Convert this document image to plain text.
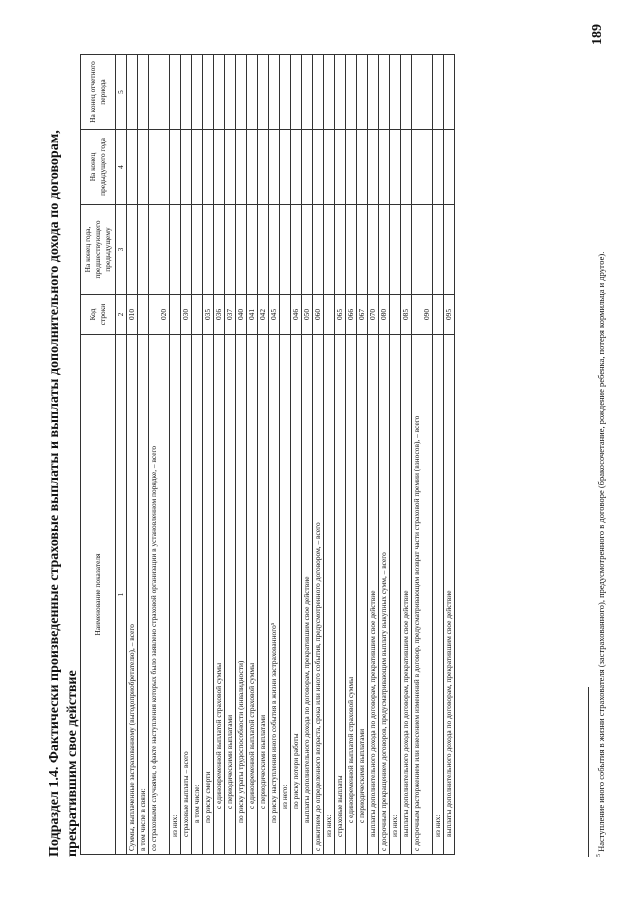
Подраздел 1.4. Фактически произведенные страховые выплаты и выплаты дополнительного дохода по договорам, прекратившим свое действие
Наименование показателя	Код строки	На конец года, предшествующего предыдущему	На конец предыдущего года	На конец отчетного периода
1	2	3	4	5
Суммы, выплаченные застрахованному (выгодоприобретателю), – всего	010			
в том числе в связи:				
со страховыми случаями, о факте наступления которых было заявлено страховой организации в установленном порядке, – всего	020			
из них:				
страховые выплаты – всего	030			
в том числе:				
по риску смерти	035			
с единовременной выплатой страховой суммы	036			
с периодическими выплатами	037			
по риску утраты трудоспособности (инвалидности)	040			
с единовременной выплатой страховой суммы	041			
с периодическими выплатами	042			
по риску наступления иного события в жизни застрахованного⁵	045			
из него:				
по риску потери работы	046			
выплаты дополнительного дохода по договорам, прекратившим свое действие	050			
с дожитием до определенного возраста, срока или иного события, предусмотренного договором, – всего	060			
из них:				
страховые выплаты	065			
с единовременной выплатой страховой суммы	066			
с периодическими выплатами	067			
выплаты дополнительного дохода по договорам, прекратившим свое действие	070			
с досрочным прекращением договоров, предусматривающим выплату выкупных сумм, – всего	080			
из них:				
выплаты дополнительного дохода по договорам, прекратившим свое действие	085			
с досрочным расторжением или внесением изменений в договор, предусматривающим возврат части страховой премии (взносов), – всего	090			
из них:				
выплаты дополнительного дохода по договорам, прекратившим свое действие	095			
$^5$ Наступление иного события в жизни страхователя (застрахованного), предусмотренного в договоре (бракосочетание, рождение ребенка, потеря кормильца и другое).
189
